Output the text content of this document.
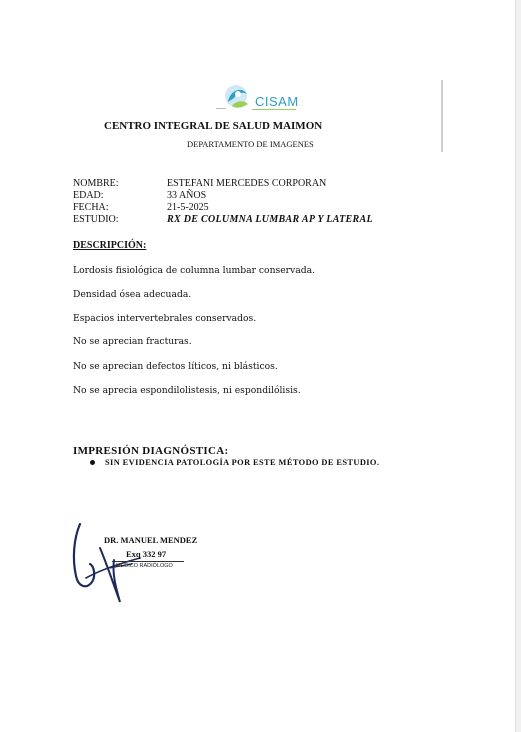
CISAM
CENTRO INTEGRAL DE SALUD MAIMON
DEPARTAMENTO DE IMAGENES
NOMBRE:	ESTEFANI MERCEDES CORPORAN
EDAD:	33 AÑOS
FECHA:	21-5-2025
ESTUDIO:	RX DE COLUMNA LUMBAR AP Y LATERAL
DESCRIPCIÓN:
Lordosis fisiológica de columna lumbar conservada.
Densidad ósea adecuada.
Espacios intervertebrales conservados.
No se aprecian fracturas.
No se aprecian defectos líticos, ni blásticos.
No se aprecia espondilolistesis, ni espondilólisis.
IMPRESIÓN DIAGNÓSTICA:
SIN EVIDENCIA PATOLOGÍA POR ESTE MÉTODO DE ESTUDIO.
DR. MANUEL MENDEZ
Exq 332 97
MÉDICO RADIÓLOGO
